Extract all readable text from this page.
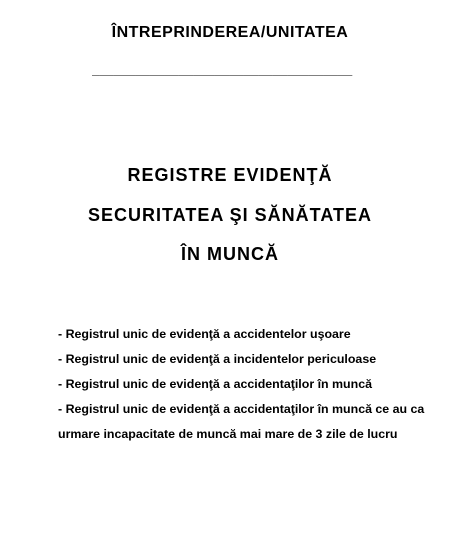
ÎNTREPRINDEREA/UNITATEA
____________________________________
REGISTRE EVIDENŢĂ
SECURITATEA ŞI SĂNĂTATEA
ÎN MUNCĂ
- Registrul unic de evidenţă a accidentelor uşoare
- Registrul unic de evidenţă a incidentelor periculoase
- Registrul unic de evidenţă a accidentaţilor în muncă
- Registrul unic de evidenţă a accidentaţilor în muncă ce au ca urmare incapacitate de muncă mai mare de 3 zile de lucru
